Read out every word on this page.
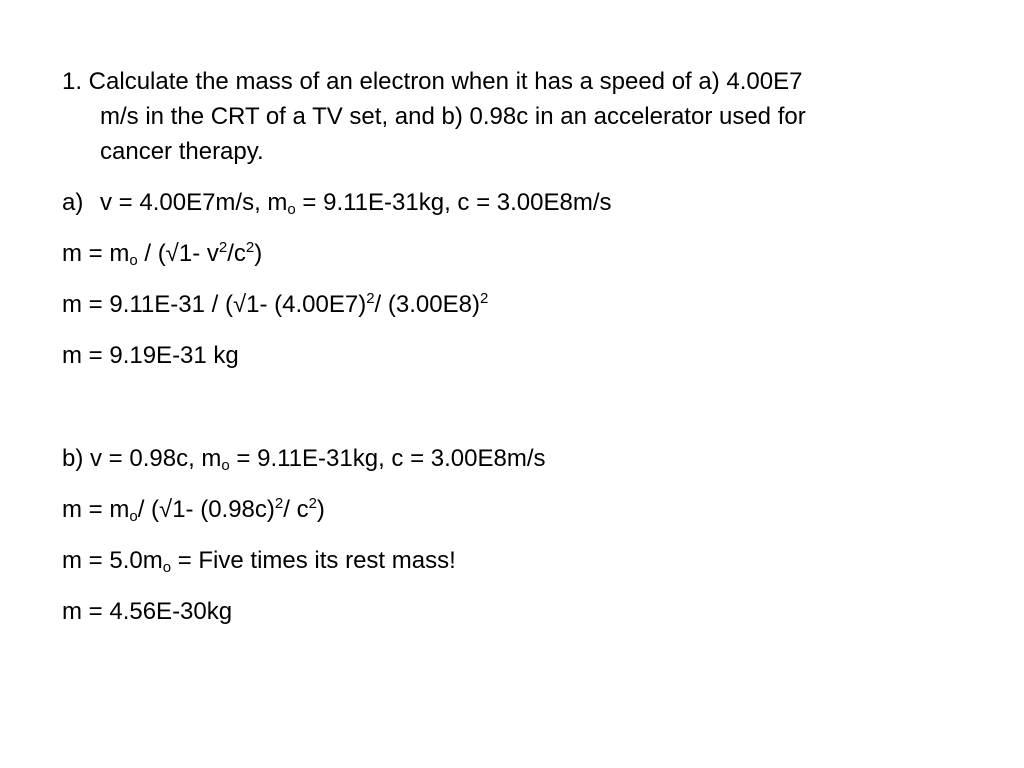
1. Calculate the mass of an electron when it has a speed of a) 4.00E7
m/s in the CRT of a TV set, and b) 0.98c in an accelerator used for
cancer therapy.
a) v = 4.00E7m/s, $m_o = 9.11E-31kg$, c = 3.00E8m/s
$m = m_o / (√1-$ $v^2/c^2$)
m = 9.11E-31 / (√1- $(4.00E7)^2/$ $(3.00E8)^2$
m = 9.19E-31 kg
b) v = 0.98c, $m_o = 9.11E-31kg$, c = 3.00E8m/s
$m = m_o/$ (√1- $(0.98c)^2/$ $c^2$)
$m = 5.0m_o$ = Five times its rest mass!
m = 4.56E-30kg
